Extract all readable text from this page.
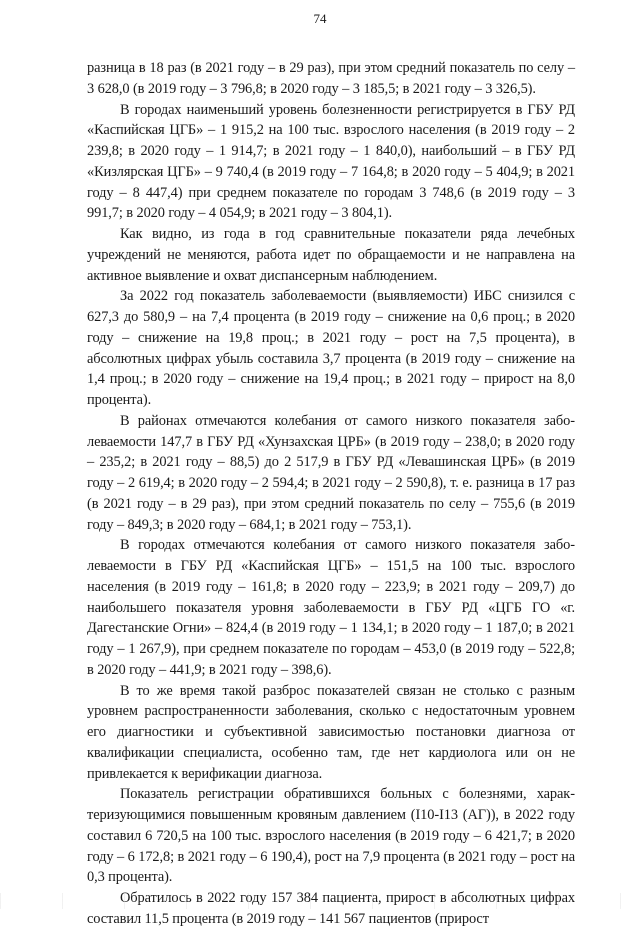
74

разница в 18 раз (в 2021 году – в 29 раз), при этом средний показатель по селу – 3 628,0 (в 2019 году – 3 796,8; в 2020 году – 3 185,5; в 2021 году – 3 326,5).

В городах наименьший уровень болезненности регистрируется в ГБУ РД «Каспийская ЦГБ» – 1 915,2 на 100 тыс. взрослого населения (в 2019 году – 2 239,8; в 2020 году – 1 914,7; в 2021 году – 1 840,0), наибольший – в ГБУ РД «Кизлярская ЦГБ» – 9 740,4 (в 2019 году – 7 164,8; в 2020 году – 5 404,9; в 2021 году – 8 447,4) при среднем показателе по городам 3 748,6 (в 2019 году – 3 991,7; в 2020 году – 4 054,9; в 2021 году – 3 804,1).

Как видно, из года в год сравнительные показатели ряда лечебных учреждений не меняются, работа идет по обращаемости и не направлена на активное выявление и охват диспансерным наблюдением.

За 2022 год показатель заболеваемости (выявляемости) ИБС снизился с 627,3 до 580,9 – на 7,4 процента (в 2019 году – снижение на 0,6 проц.; в 2020 году – снижение на 19,8 проц.; в 2021 году – рост на 7,5 процента), в абсолютных цифрах убыль составила 3,7 процента (в 2019 году – снижение на 1,4 проц.; в 2020 году – снижение на 19,4 проц.; в 2021 году – прирост на 8,0 процента).

В районах отмечаются колебания от самого низкого показателя заболеваемости 147,7 в ГБУ РД «Хунзахская ЦРБ» (в 2019 году – 238,0; в 2020 году – 235,2; в 2021 году – 88,5) до 2 517,9 в ГБУ РД «Левашинская ЦРБ» (в 2019 году – 2 619,4; в 2020 году – 2 594,4; в 2021 году – 2 590,8), т. е. разница в 17 раз (в 2021 году – в 29 раз), при этом средний показатель по селу – 755,6 (в 2019 году – 849,3; в 2020 году – 684,1; в 2021 году – 753,1).

В городах отмечаются колебания от самого низкого показателя заболеваемости в ГБУ РД «Каспийская ЦГБ» – 151,5 на 100 тыс. взрослого населения (в 2019 году – 161,8; в 2020 году – 223,9; в 2021 году – 209,7) до наибольшего показателя уровня заболеваемости в ГБУ РД «ЦГБ ГО «г. Дагестанские Огни» – 824,4 (в 2019 году – 1 134,1; в 2020 году – 1 187,0; в 2021 году – 1 267,9), при среднем показателе по городам – 453,0 (в 2019 году – 522,8; в 2020 году – 441,9; в 2021 году – 398,6).

В то же время такой разброс показателей связан не столько с разным уровнем распространенности заболевания, сколько с недостаточным уровнем его диагностики и субъективной зависимостью постановки диагноза от квалификации специалиста, особенно там, где нет кардиолога или он не привлекается к верификации диагноза.

Показатель регистрации обратившихся больных с болезнями, характеризующимися повышенным кровяным давлением (I10-I13 (АГ)), в 2022 году составил 6 720,5 на 100 тыс. взрослого населения (в 2019 году – 6 421,7; в 2020 году – 6 172,8; в 2021 году – 6 190,4), рост на 7,9 процента (в 2021 году – рост на 0,3 процента).

Обратилось в 2022 году 157 384 пациента, прирост в абсолютных цифрах составил 11,5 процента (в 2019 году – 141 567 пациентов (прирост
